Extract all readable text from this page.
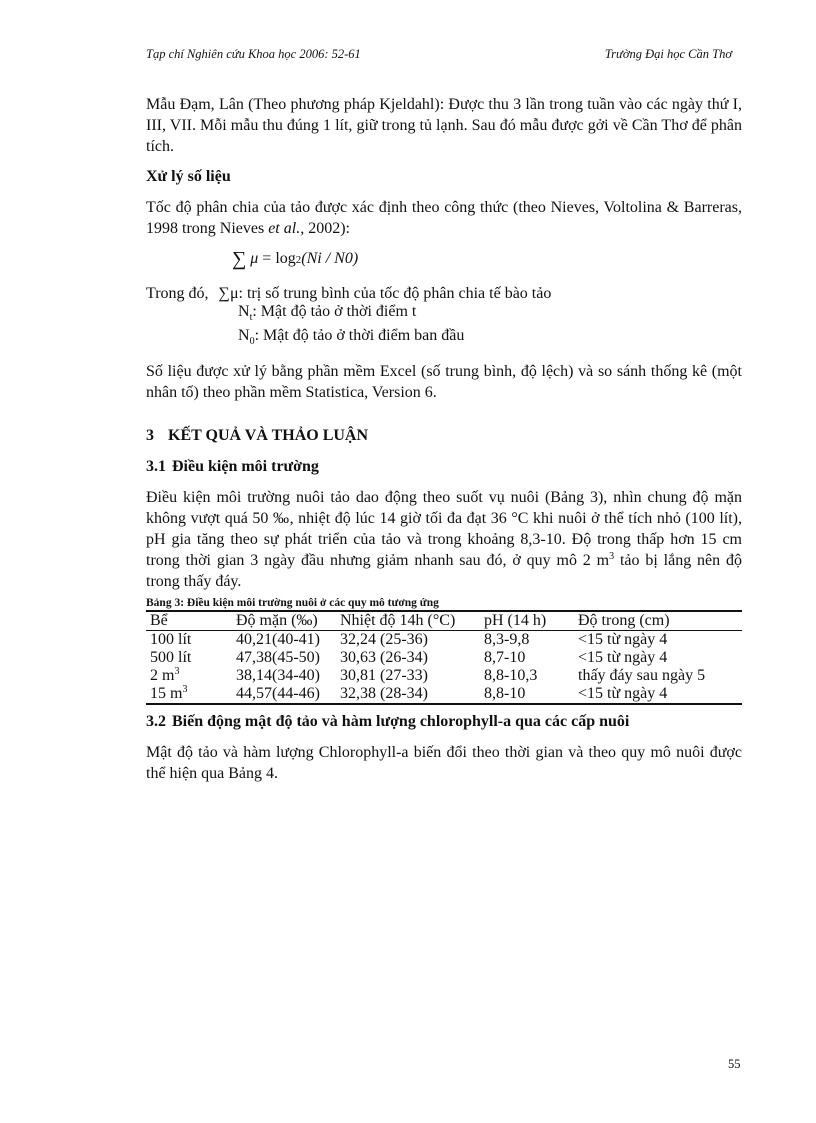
Tạp chí Nghiên cứu Khoa học 2006: 52-61	Trường Đại học Cần Thơ

Mẫu Đạm, Lân (Theo phương pháp Kjeldahl): Được thu 3 lần trong tuần vào các ngày thứ I, III, VII. Mỗi mẫu thu đúng 1 lít, giữ trong tủ lạnh. Sau đó mẫu được gởi về Cần Thơ để phân tích.

Xử lý số liệu

Tốc độ phân chia của tảo được xác định theo công thức (theo Nieves, Voltolina & Barreras, 1998 trong Nieves et al., 2002):

∑ μ = log2(Ni / N0)
Trong đó, ∑μ: trị số trung bình của tốc độ phân chia tế bào tảo
$N_t$: Mật độ tảo ở thời điểm t
$N_0$: Mật độ tảo ở thời điểm ban đầu

Số liệu được xử lý bằng phần mềm Excel (số trung bình, độ lệch) và so sánh thống kê (một nhân tố) theo phần mềm Statistica, Version 6.

3 KẾT QUẢ VÀ THẢO LUẬN
3.1 Điều kiện môi trường

Điều kiện môi trường nuôi tảo dao động theo suốt vụ nuôi (Bảng 3), nhìn chung độ mặn không vượt quá 50 ‰, nhiệt độ lúc 14 giờ tối đa đạt 36 °C khi nuôi ở thể tích nhỏ (100 lít), pH gia tăng theo sự phát triển của tảo và trong khoảng 8,3-10. Độ trong thấp hơn 15 cm trong thời gian 3 ngày đầu nhưng giảm nhanh sau đó, ở quy mô 2 $m^3$ tảo bị lắng nên độ trong thấy đáy.

Bảng 3: Điều kiện môi trường nuôi ở các quy mô tương ứng
Bể	Độ mặn (‰)	Nhiệt độ 14h (°C)	pH (14 h)	Độ trong (cm)
100 lít	40,21(40-41)	32,24 (25-36)	8,3-9,8	<15 từ ngày 4
500 lít	47,38(45-50)	30,63 (26-34)	8,7-10	<15 từ ngày 4
2 $m^3$	38,14(34-40)	30,81 (27-33)	8,8-10,3	thấy đáy sau ngày 5
15 $m^3$	44,57(44-46)	32,38 (28-34)	8,8-10	<15 từ ngày 4
3.2 Biến động mật độ tảo và hàm lượng chlorophyll-a qua các cấp nuôi

Mật độ tảo và hàm lượng Chlorophyll-a biến đổi theo thời gian và theo quy mô nuôi được thể hiện qua Bảng 4.

55
